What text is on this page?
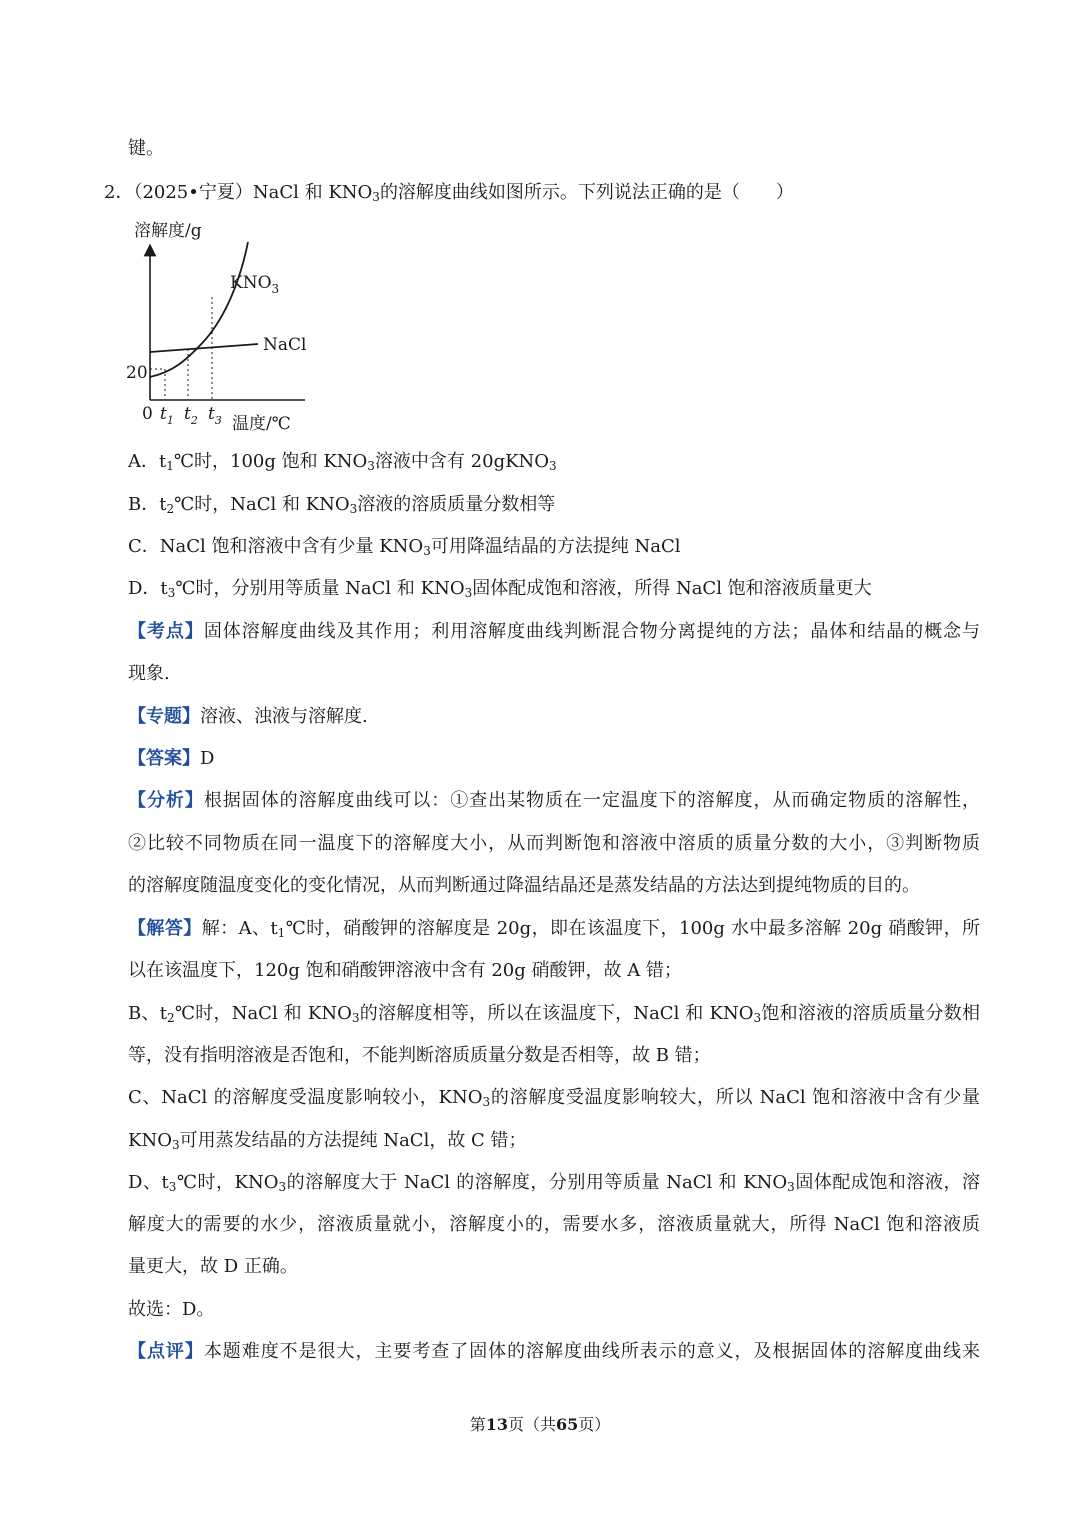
键。
2．（2025•宁夏）NaCl 和 $KNO_3$的溶解度曲线如图所示。下列说法正确的是（　　）
溶解度/g
$KNO_3$
NaCl
20
0 $t_1$ $t_2$ $t_3$ 温度/℃
A．$t_1℃$时，100g 饱和 $KNO_3$溶液中含有 20gKNO$_3$
B．$t_2℃$时，NaCl 和 $KNO_3$溶液的溶质质量分数相等
C．NaCl 饱和溶液中含有少量 $KNO_3$可用降温结晶的方法提纯 NaCl
D．$t_3℃$时，分别用等质量 NaCl 和 $KNO_3$固体配成饱和溶液，所得 NaCl 饱和溶液质量更大
【考点】固体溶解度曲线及其作用；利用溶解度曲线判断混合物分离提纯的方法；晶体和结晶的概念与
现象.
【专题】溶液、浊液与溶解度.
【答案】D
【分析】根据固体的溶解度曲线可以：①查出某物质在一定温度下的溶解度，从而确定物质的溶解性，
②比较不同物质在同一温度下的溶解度大小，从而判断饱和溶液中溶质的质量分数的大小，③判断物质
的溶解度随温度变化的变化情况，从而判断通过降温结晶还是蒸发结晶的方法达到提纯物质的目的。
【解答】解：A、$t_1℃$时，硝酸钾的溶解度是 20g，即在该温度下，100g 水中最多溶解 20g 硝酸钾，所
以在该温度下，120g 饱和硝酸钾溶液中含有 20g 硝酸钾，故 A 错；
B、$t_2℃$时，NaCl 和 $KNO_3$的溶解度相等，所以在该温度下，NaCl 和 $KNO_3$饱和溶液的溶质质量分数相
等，没有指明溶液是否饱和，不能判断溶质质量分数是否相等，故 B 错；
C、NaCl 的溶解度受温度影响较小，$KNO_3$的溶解度受温度影响较大，所以 NaCl 饱和溶液中含有少量
$KNO_3$可用蒸发结晶的方法提纯 NaCl，故 C 错；
D、$t_3℃$时，$KNO_3$的溶解度大于 NaCl 的溶解度，分别用等质量 NaCl 和 $KNO_3$固体配成饱和溶液，溶
解度大的需要的水少，溶液质量就小，溶解度小的，需要水多，溶液质量就大，所得 NaCl 饱和溶液质
量更大，故 D 正确。
故选：D。
【点评】本题难度不是很大，主要考查了固体的溶解度曲线所表示的意义，及根据固体的溶解度曲线来
第13页（共65页）
